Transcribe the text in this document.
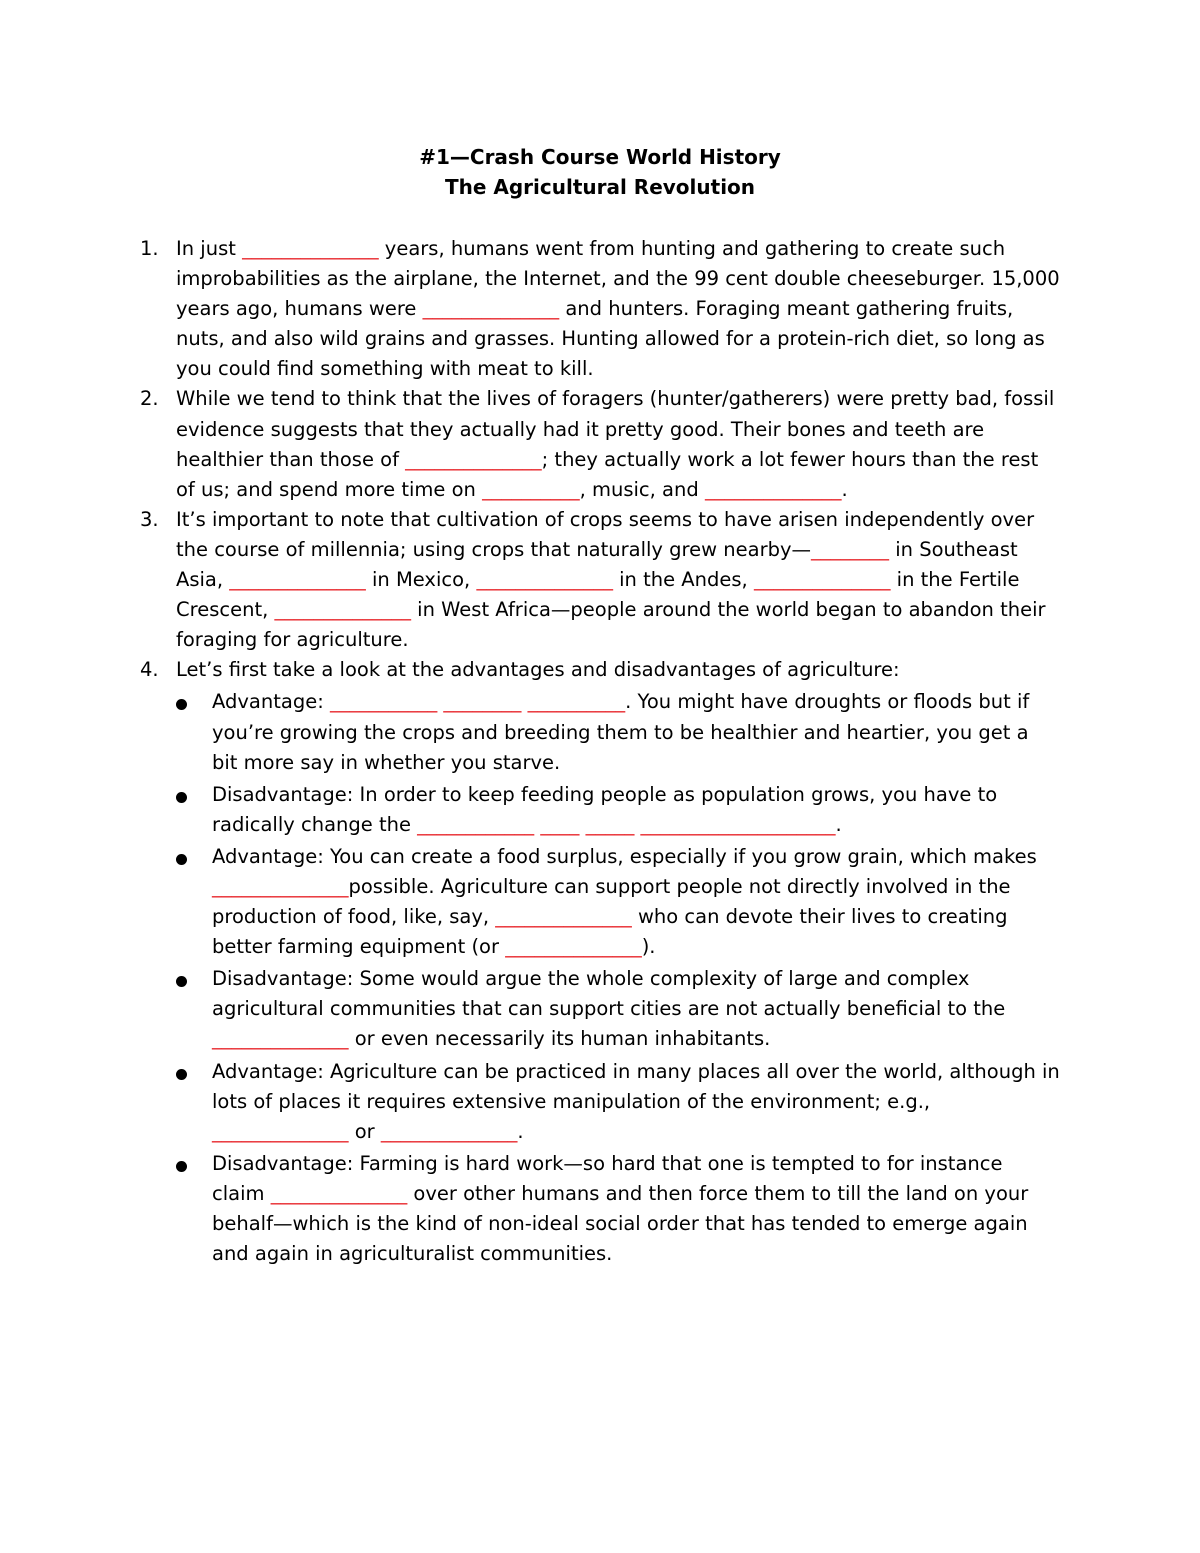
#1—Crash Course World History
The Agricultural Revolution
1. In just ______________ years, humans went from hunting and gathering to create such improbabilities as the airplane, the Internet, and the 99 cent double cheeseburger. 15,000 years ago, humans were ______________ and hunters. Foraging meant gathering fruits, nuts, and also wild grains and grasses. Hunting allowed for a protein-rich diet, so long as you could find something with meat to kill.
2. While we tend to think that the lives of foragers (hunter/gatherers) were pretty bad, fossil evidence suggests that they actually had it pretty good. Their bones and teeth are healthier than those of ______________; they actually work a lot fewer hours than the rest of us; and spend more time on __________, music, and ______________.
3. It’s important to note that cultivation of crops seems to have arisen independently over the course of millennia; using crops that naturally grew nearby—________ in Southeast Asia, ______________ in Mexico, ______________ in the Andes, ______________ in the Fertile Crescent, ______________ in West Africa—people around the world began to abandon their foraging for agriculture.
4. Let’s first take a look at the advantages and disadvantages of agriculture:
Advantage: ___________ ________ __________. You might have droughts or floods but if you’re growing the crops and breeding them to be healthier and heartier, you get a bit more say in whether you starve.
Disadvantage: In order to keep feeding people as population grows, you have to radically change the ____________ ____ _____ ____________________.
Advantage: You can create a food surplus, especially if you grow grain, which makes ______________possible. Agriculture can support people not directly involved in the production of food, like, say, ______________ who can devote their lives to creating better farming equipment (or ______________).
Disadvantage: Some would argue the whole complexity of large and complex agricultural communities that can support cities are not actually beneficial to the ______________ or even necessarily its human inhabitants.
Advantage: Agriculture can be practiced in many places all over the world, although in lots of places it requires extensive manipulation of the environment; e.g., ______________ or ______________.
Disadvantage: Farming is hard work—so hard that one is tempted to for instance claim ______________ over other humans and then force them to till the land on your behalf—which is the kind of non-ideal social order that has tended to emerge again and again in agriculturalist communities.
